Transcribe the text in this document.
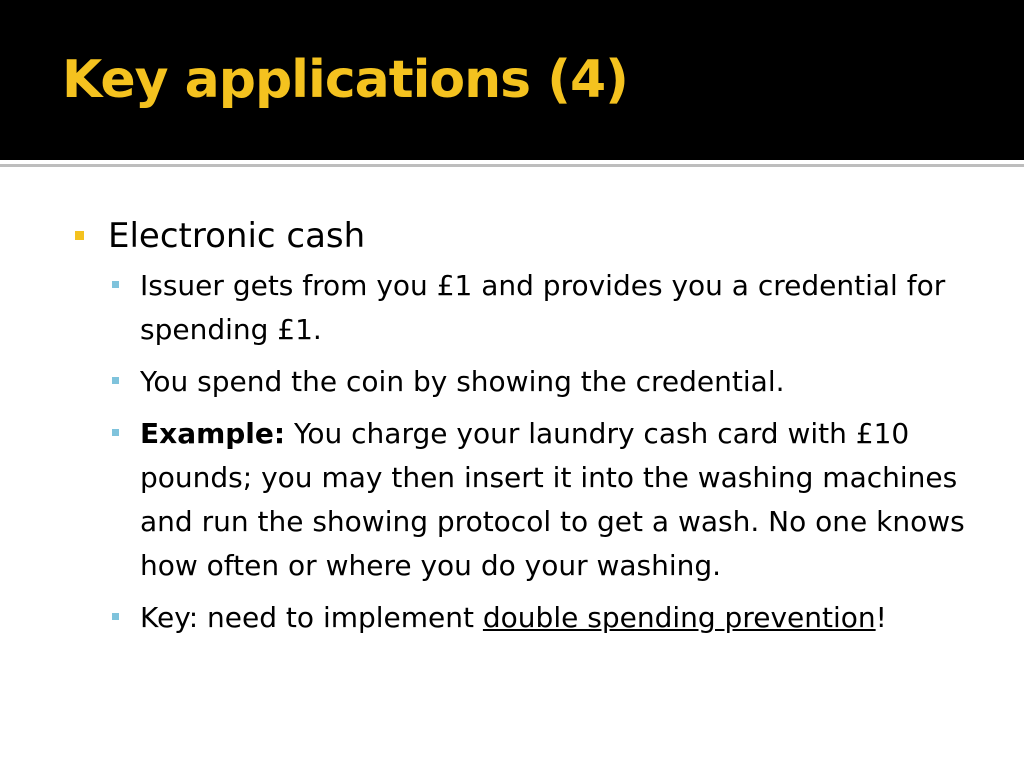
Key applications (4)
Electronic cash
Issuer gets from you £1 and provides you a credential for spending £1.
You spend the coin by showing the credential.
Example: You charge your laundry cash card with £10 pounds; you may then insert it into the washing machines and run the showing protocol to get a wash. No one knows how often or where you do your washing.
Key: need to implement double spending prevention!
